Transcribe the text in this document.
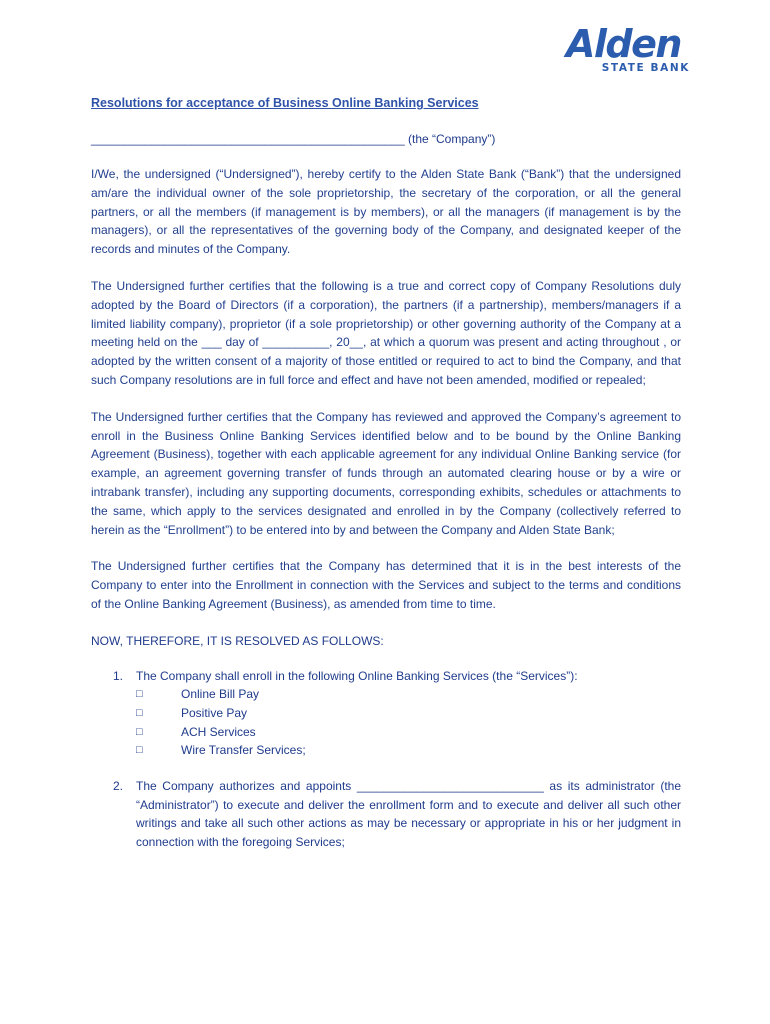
Alden
STATE BANK
Resolutions for acceptance of Business Online Banking Services
_______________________________________________ (the “Company”)

I/We, the undersigned (“Undersigned”), hereby certify to the Alden State Bank (“Bank”) that the undersigned am/are the individual owner of the sole proprietorship, the secretary of the corporation, or all the general partners, or all the members (if management is by members), or all the managers (if management is by the managers), or all the representatives of the governing body of the Company, and designated keeper of the records and minutes of the Company.

The Undersigned further certifies that the following is a true and correct copy of Company Resolutions duly adopted by the Board of Directors (if a corporation), the partners (if a partnership), members/managers if a limited liability company), proprietor (if a sole proprietorship) or other governing authority of the Company at a meeting held on the ___ day of __________, 20__, at which a quorum was present and acting throughout , or adopted by the written consent of a majority of those entitled or required to act to bind the Company, and that such Company resolutions are in full force and effect and have not been amended, modified or repealed;

The Undersigned further certifies that the Company has reviewed and approved the Company’s agreement to enroll in the Business Online Banking Services identified below and to be bound by the Online Banking Agreement (Business), together with each applicable agreement for any individual Online Banking service (for example, an agreement governing transfer of funds through an automated clearing house or by a wire or intrabank transfer), including any supporting documents, corresponding exhibits, schedules or attachments to the same, which apply to the services designated and enrolled in by the Company (collectively referred to herein as the “Enrollment”) to be entered into by and between the Company and Alden State Bank;

The Undersigned further certifies that the Company has determined that it is in the best interests of the Company to enter into the Enrollment in connection with the Services and subject to the terms and conditions of the Online Banking Agreement (Business), as amended from time to time.

NOW, THEREFORE, IT IS RESOLVED AS FOLLOWS:
1. The Company shall enroll in the following Online Banking Services (the “Services”):
□	Online Bill Pay
□	Positive Pay
□	ACH Services
□	Wire Transfer Services;
2. The Company authorizes and appoints ____________________________ as its administrator (the “Administrator”) to execute and deliver the enrollment form and to execute and deliver all such other writings and take all such other actions as may be necessary or appropriate in his or her judgment in connection with the foregoing Services;
